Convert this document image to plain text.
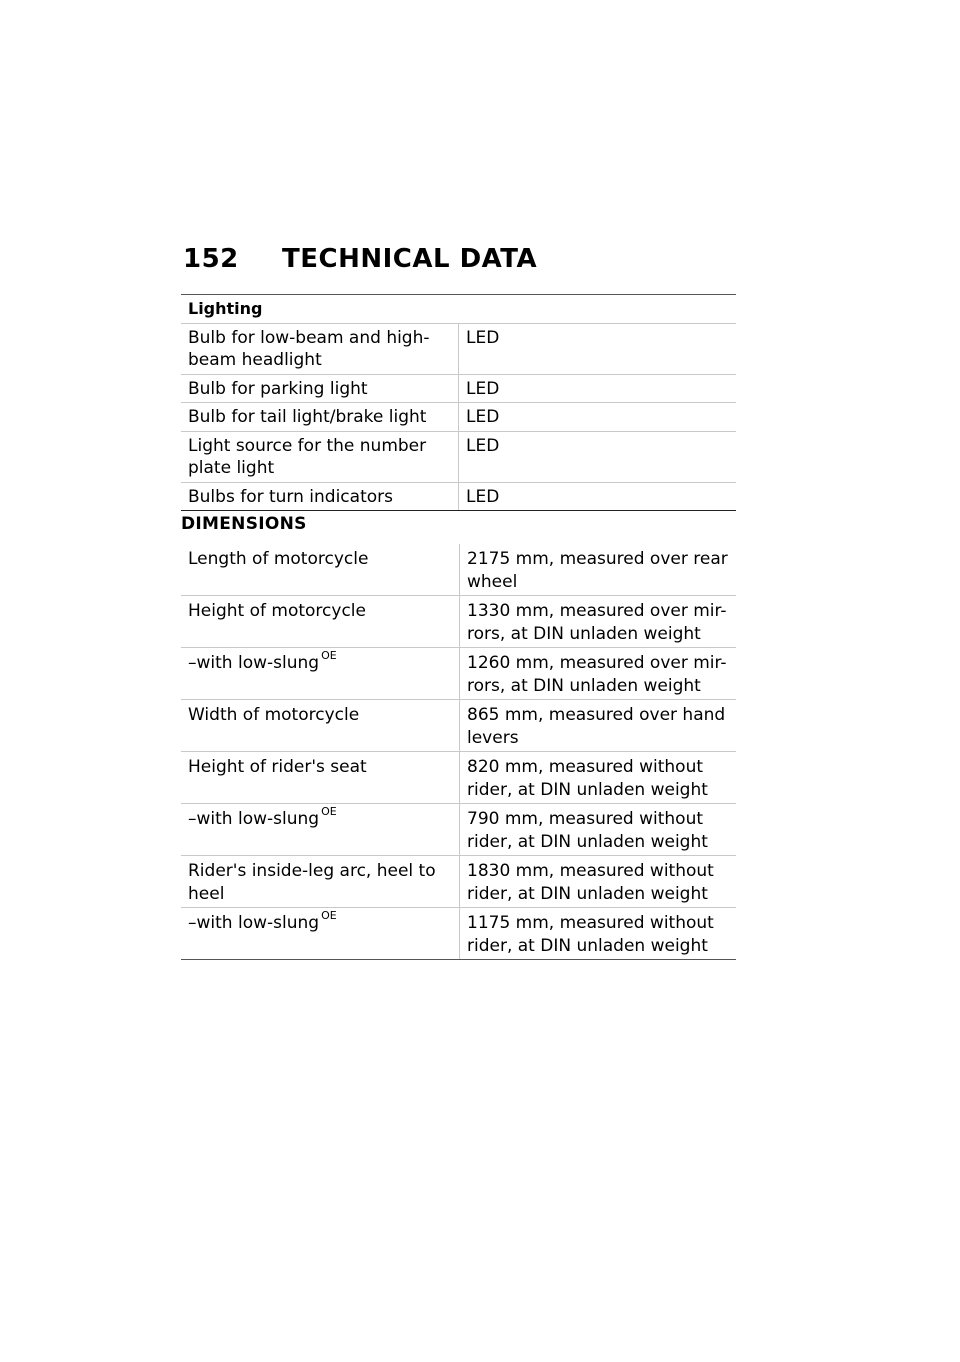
152 TECHNICAL DATA
Lighting	
Bulb for low-beam and high-beam headlight	LED
Bulb for parking light	LED
Bulb for tail light/brake light	LED
Light source for the number plate light	LED
Bulbs for turn indicators	LED
DIMENSIONS
Length of motorcycle	2175 mm, measured over rear wheel
Height of motorcycle	1330 mm, measured over mir-rors, at DIN unladen weight
–with low-slung $^{OE}$	1260 mm, measured over mir-rors, at DIN unladen weight
Width of motorcycle	865 mm, measured over hand levers
Height of rider's seat	820 mm, measured without rider, at DIN unladen weight
–with low-slung $^{OE}$	790 mm, measured without rider, at DIN unladen weight
Rider's inside-leg arc, heel to heel	1830 mm, measured without rider, at DIN unladen weight
–with low-slung $^{OE}$	1175 mm, measured without rider, at DIN unladen weight
